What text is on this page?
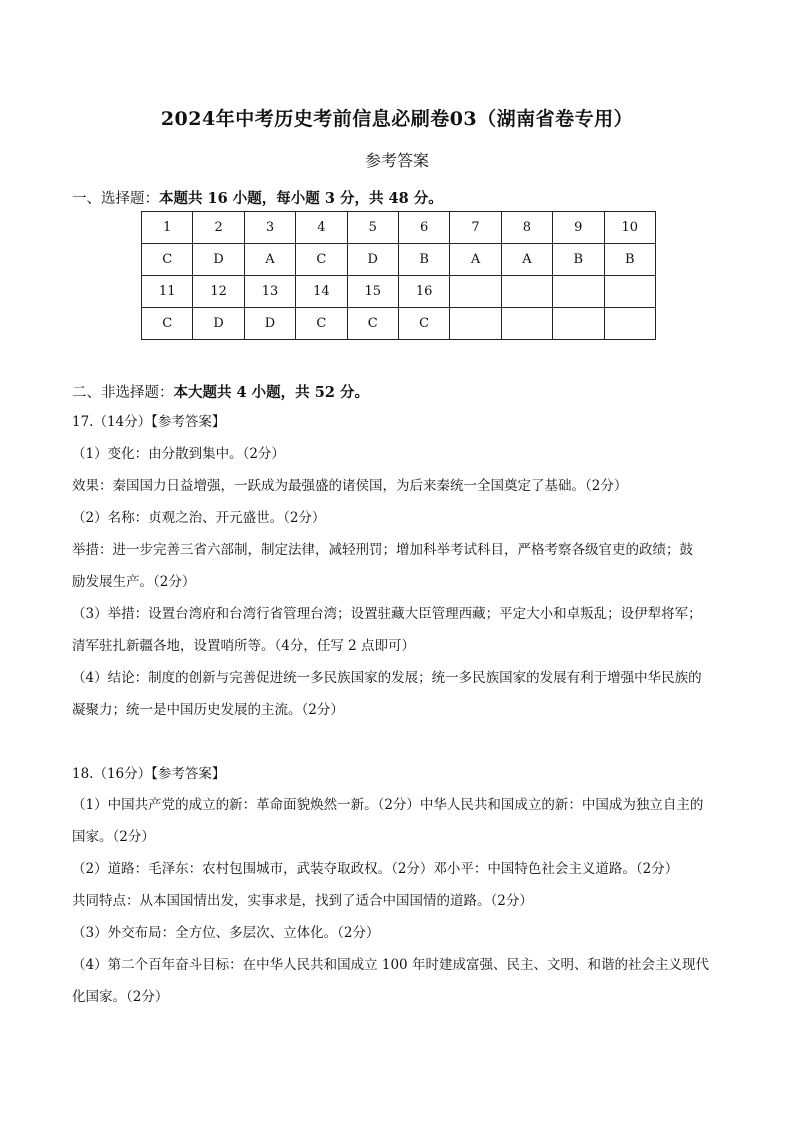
2024年中考历史考前信息必刷卷03（湖南省卷专用）
参考答案
一、选择题：本题共 16 小题，每小题 3 分，共 48 分。
1	2	3	4	5	6	7	8	9	10
C	D	A	C	D	B	A	A	B	B
11	12	13	14	15	16				
C	D	D	C	C	C				
二、非选择题：本大题共 4 小题，共 52 分。
17.（14分）【参考答案】
（1）变化：由分散到集中。（2分）
效果：秦国国力日益增强，一跃成为最强盛的诸侯国，为后来秦统一全国奠定了基础。（2分）
（2）名称：贞观之治、开元盛世。（2分）
举措：进一步完善三省六部制，制定法律，减轻刑罚；增加科举考试科目，严格考察各级官吏的政绩；鼓
励发展生产。（2分）
（3）举措：设置台湾府和台湾行省管理台湾；设置驻藏大臣管理西藏；平定大小和卓叛乱；设伊犁将军；
清军驻扎新疆各地，设置哨所等。（4分，任写 2 点即可）
（4）结论：制度的创新与完善促进统一多民族国家的发展；统一多民族国家的发展有利于增强中华民族的
凝聚力；统一是中国历史发展的主流。（2分）
18.（16分）【参考答案】
（1）中国共产党的成立的新：革命面貌焕然一新。（2分）中华人民共和国成立的新：中国成为独立自主的
国家。（2分）
（2）道路：毛泽东：农村包围城市，武装夺取政权。（2分）邓小平：中国特色社会主义道路。（2分）
共同特点：从本国国情出发，实事求是，找到了适合中国国情的道路。（2分）
（3）外交布局：全方位、多层次、立体化。（2分）
（4）第二个百年奋斗目标：在中华人民共和国成立 100 年时建成富强、民主、文明、和谐的社会主义现代
化国家。（2分）
